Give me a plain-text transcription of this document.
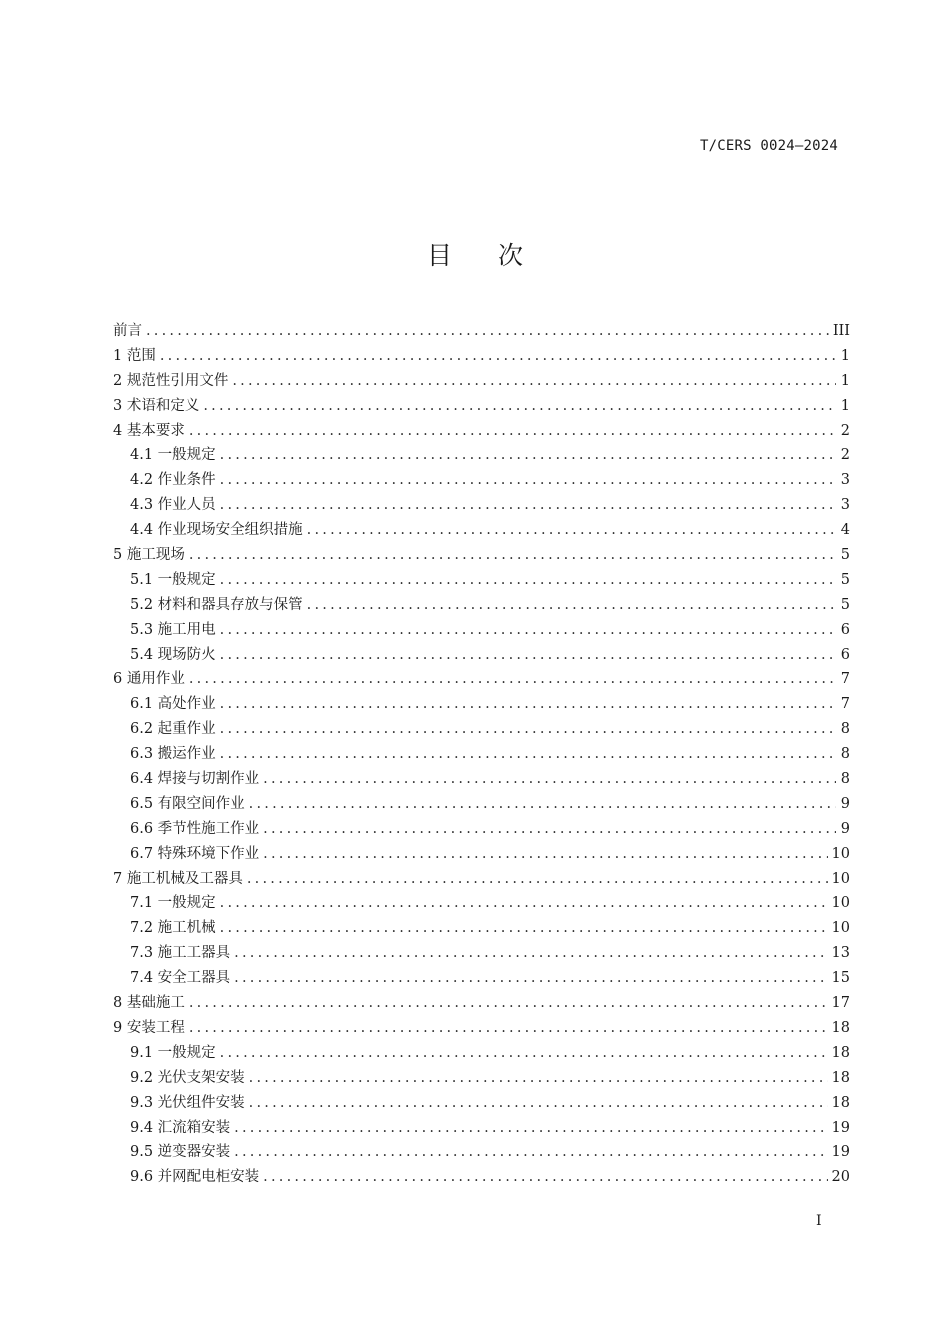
T/CERS 0024—2024
目 次
前言 .....	III
1 范围 .....	1
2 规范性引用文件 .....	1
3 术语和定义 .....	1
4 基本要求 .....	2
4.1 一般规定 .....	2
4.2 作业条件 .....	3
4.3 作业人员 .....	3
4.4 作业现场安全组织措施 .....	4
5 施工现场 .....	5
5.1 一般规定 .....	5
5.2 材料和器具存放与保管 .....	5
5.3 施工用电 .....	6
5.4 现场防火 .....	6
6 通用作业 .....	7
6.1 高处作业 .....	7
6.2 起重作业 .....	8
6.3 搬运作业 .....	8
6.4 焊接与切割作业 .....	8
6.5 有限空间作业 .....	9
6.6 季节性施工作业 .....	9
6.7 特殊环境下作业 .....	10
7 施工机械及工器具 .....	10
7.1 一般规定 .....	10
7.2 施工机械 .....	10
7.3 施工工器具 .....	13
7.4 安全工器具 .....	15
8 基础施工 .....	17
9 安装工程 .....	18
9.1 一般规定 .....	18
9.2 光伏支架安装 .....	18
9.3 光伏组件安装 .....	18
9.4 汇流箱安装 .....	19
9.5 逆变器安装 .....	19
9.6 并网配电柜安装 .....	20
I
